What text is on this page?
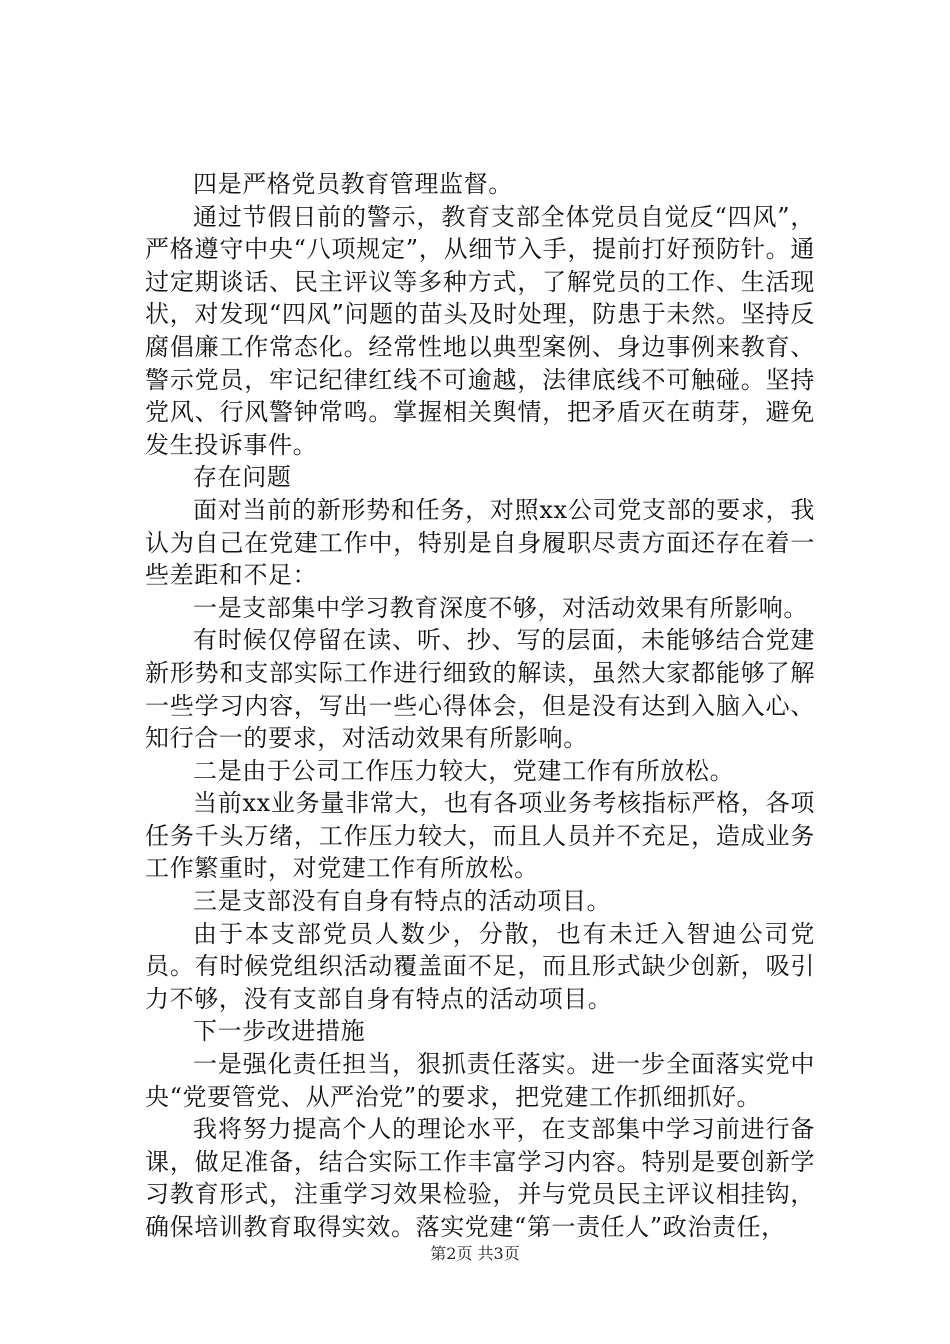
四是严格党员教育管理监督。

通过节假日前的警示，教育支部全体党员自觉反“四风”，严格遵守中央“八项规定”，从细节入手，提前打好预防针。通过定期谈话、民主评议等多种方式，了解党员的工作、生活现状，对发现“四风”问题的苗头及时处理，防患于未然。坚持反腐倡廉工作常态化。经常性地以典型案例、身边事例来教育、警示党员，牢记纪律红线不可逾越，法律底线不可触碰。坚持党风、行风警钟常鸣。掌握相关舆情，把矛盾灭在萌芽，避免发生投诉事件。

存在问题

面对当前的新形势和任务，对照xx公司党支部的要求，我认为自己在党建工作中，特别是自身履职尽责方面还存在着一些差距和不足：

一是支部集中学习教育深度不够，对活动效果有所影响。

有时候仅停留在读、听、抄、写的层面，未能够结合党建新形势和支部实际工作进行细致的解读，虽然大家都能够了解一些学习内容，写出一些心得体会，但是没有达到入脑入心、知行合一的要求，对活动效果有所影响。

二是由于公司工作压力较大，党建工作有所放松。

当前xx业务量非常大，也有各项业务考核指标严格，各项任务千头万绪，工作压力较大，而且人员并不充足，造成业务工作繁重时，对党建工作有所放松。

三是支部没有自身有特点的活动项目。

由于本支部党员人数少，分散，也有未迁入智迪公司党员。有时候党组织活动覆盖面不足，而且形式缺少创新，吸引力不够，没有支部自身有特点的活动项目。

下一步改进措施

一是强化责任担当，狠抓责任落实。进一步全面落实党中央“党要管党、从严治党”的要求，把党建工作抓细抓好。

我将努力提高个人的理论水平，在支部集中学习前进行备课，做足准备，结合实际工作丰富学习内容。特别是要创新学习教育形式，注重学习效果检验，并与党员民主评议相挂钩，确保培训教育取得实效。落实党建“第一责任人”政治责任，

第2页 共3页
